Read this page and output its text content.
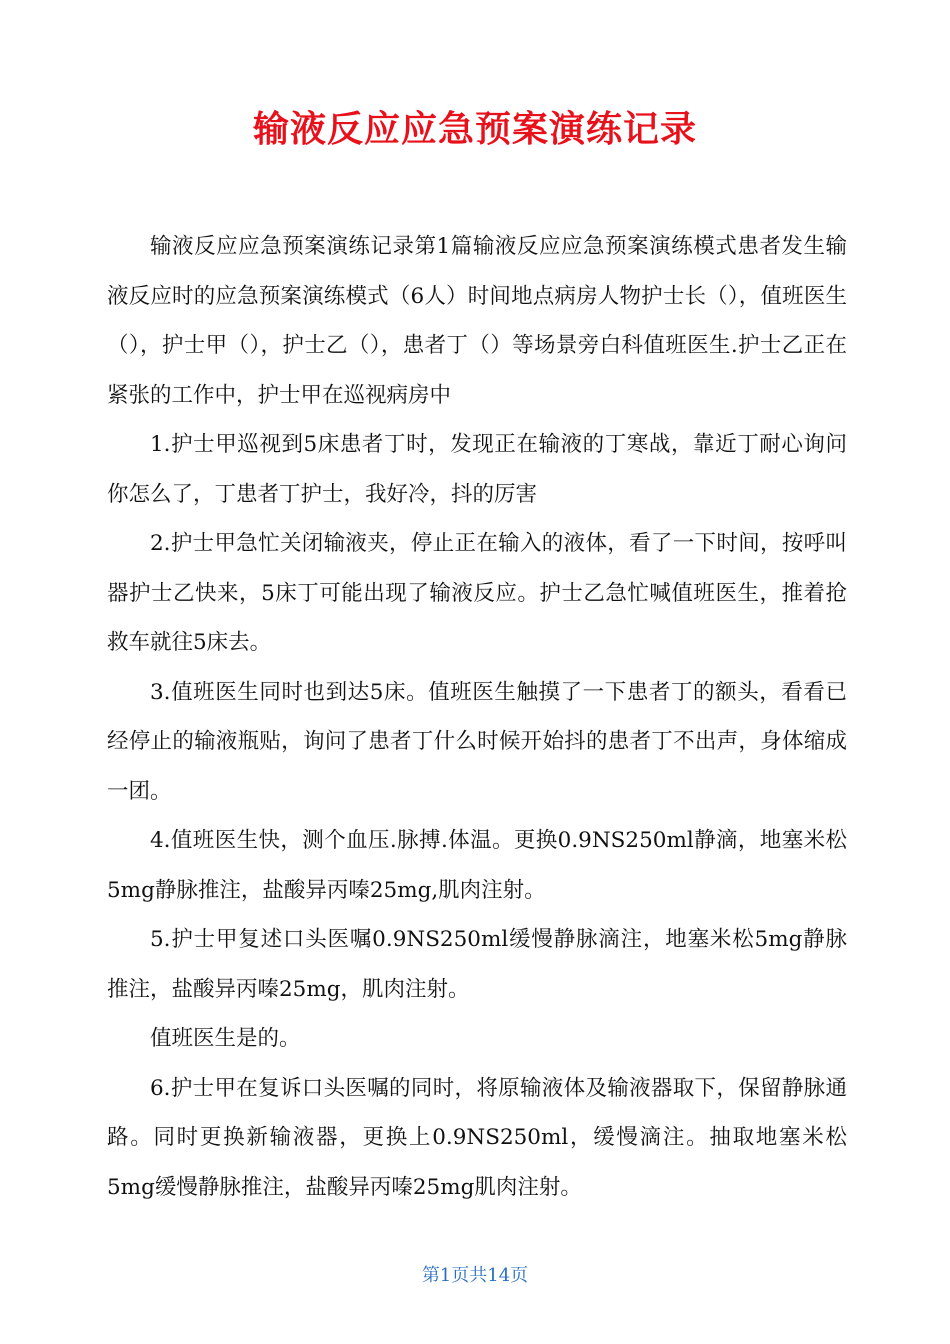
输液反应应急预案演练记录

输液反应应急预案演练记录第1篇输液反应应急预案演练模式患者发生输液反应时的应急预案演练模式（6人）时间地点病房人物护士长（），值班医生（），护士甲（），护士乙（），患者丁（）等场景旁白科值班医生.护士乙正在紧张的工作中，护士甲在巡视病房中

1.护士甲巡视到5床患者丁时，发现正在输液的丁寒战，靠近丁耐心询问你怎么了，丁患者丁护士，我好冷，抖的厉害

2.护士甲急忙关闭输液夹，停止正在输入的液体，看了一下时间，按呼叫器护士乙快来，5床丁可能出现了输液反应。护士乙急忙喊值班医生，推着抢救车就往5床去。

3.值班医生同时也到达5床。值班医生触摸了一下患者丁的额头，看看已经停止的输液瓶贴，询问了患者丁什么时候开始抖的患者丁不出声，身体缩成一团。

4.值班医生快，测个血压.脉搏.体温。更换0.9NS250ml静滴，地塞米松5mg静脉推注，盐酸异丙嗪25mg,肌肉注射。

5.护士甲复述口头医嘱0.9NS250ml缓慢静脉滴注，地塞米松5mg静脉推注，盐酸异丙嗪25mg，肌肉注射。

值班医生是的。

6.护士甲在复诉口头医嘱的同时，将原输液体及输液器取下，保留静脉通路。同时更换新输液器，更换上0.9NS250ml，缓慢滴注。抽取地塞米松5mg缓慢静脉推注，盐酸异丙嗪25mg肌肉注射。

第1页共14页
